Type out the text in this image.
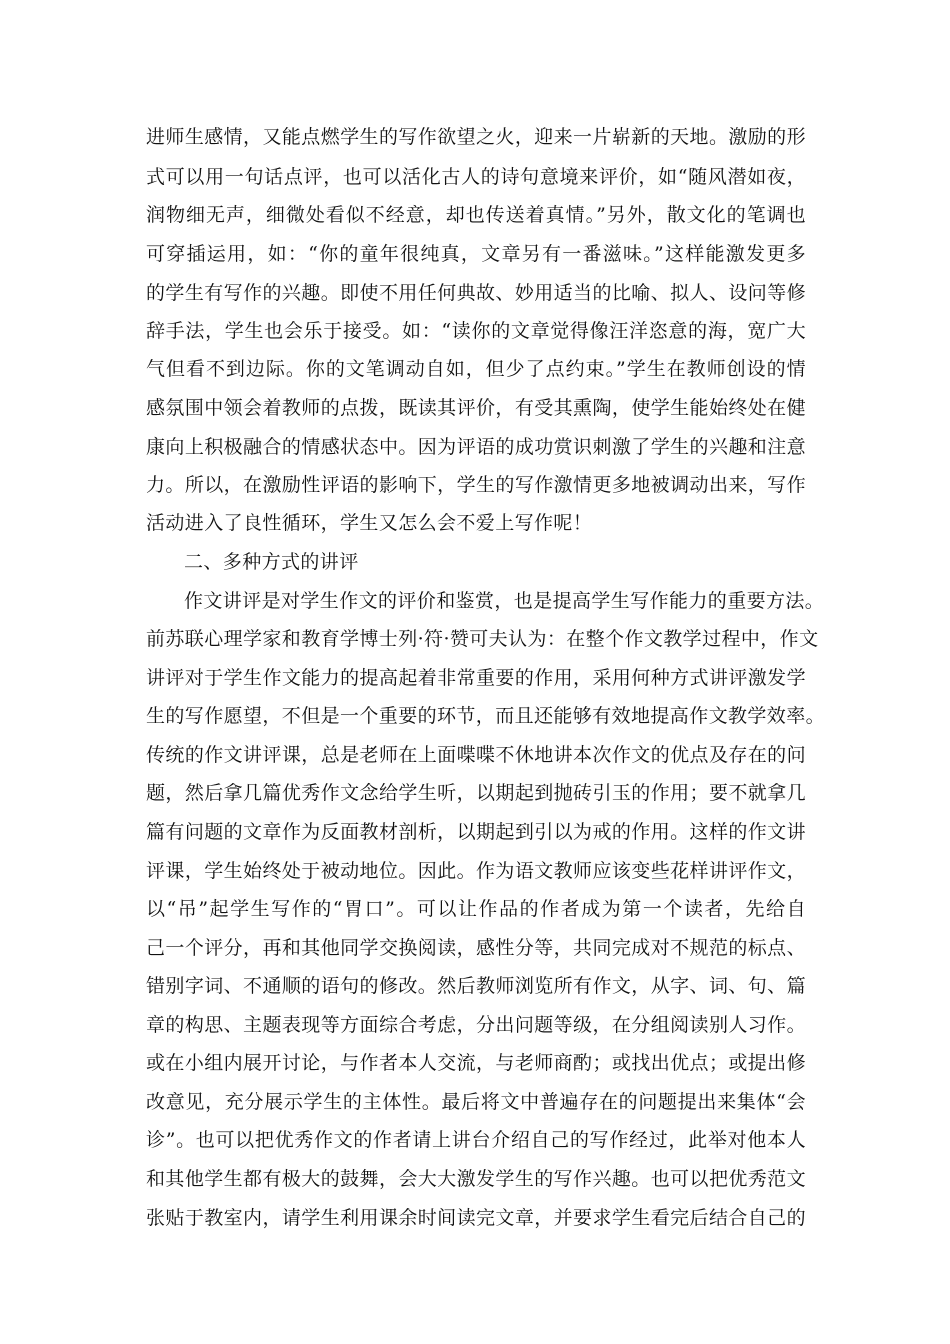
进师生感情，又能点燃学生的写作欲望之火，迎来一片崭新的天地。激励的形
式可以用一句话点评，也可以活化古人的诗句意境来评价，如“随风潜如夜，
润物细无声，细微处看似不经意，却也传送着真情。”另外，散文化的笔调也
可穿插运用，如：“你的童年很纯真，文章另有一番滋味。”这样能激发更多
的学生有写作的兴趣。即使不用任何典故、妙用适当的比喻、拟人、设问等修
辞手法，学生也会乐于接受。如：“读你的文章觉得像汪洋恣意的海，宽广大
气但看不到边际。你的文笔调动自如，但少了点约束。”学生在教师创设的情
感氛围中领会着教师的点拨，既读其评价，有受其熏陶，使学生能始终处在健
康向上积极融合的情感状态中。因为评语的成功赏识刺激了学生的兴趣和注意
力。所以，在激励性评语的影响下，学生的写作激情更多地被调动出来，写作
活动进入了良性循环，学生又怎么会不爱上写作呢！
二、多种方式的讲评
作文讲评是对学生作文的评价和鉴赏，也是提高学生写作能力的重要方法。
前苏联心理学家和教育学博士列·符·赞可夫认为：在整个作文教学过程中，作文
讲评对于学生作文能力的提高起着非常重要的作用，采用何种方式讲评激发学
生的写作愿望，不但是一个重要的环节，而且还能够有效地提高作文教学效率。
传统的作文讲评课，总是老师在上面喋喋不休地讲本次作文的优点及存在的问
题，然后拿几篇优秀作文念给学生听，以期起到抛砖引玉的作用；要不就拿几
篇有问题的文章作为反面教材剖析，以期起到引以为戒的作用。这样的作文讲
评课，学生始终处于被动地位。因此。作为语文教师应该变些花样讲评作文，
以“吊”起学生写作的“胃口”。可以让作品的作者成为第一个读者，先给自
己一个评分，再和其他同学交换阅读，感性分等，共同完成对不规范的标点、
错别字词、不通顺的语句的修改。然后教师浏览所有作文，从字、词、句、篇
章的构思、主题表现等方面综合考虑，分出问题等级，在分组阅读别人习作。
或在小组内展开讨论，与作者本人交流，与老师商酌；或找出优点；或提出修
改意见，充分展示学生的主体性。最后将文中普遍存在的问题提出来集体“会
诊”。也可以把优秀作文的作者请上讲台介绍自己的写作经过，此举对他本人
和其他学生都有极大的鼓舞，会大大激发学生的写作兴趣。也可以把优秀范文
张贴于教室内，请学生利用课余时间读完文章，并要求学生看完后结合自己的
